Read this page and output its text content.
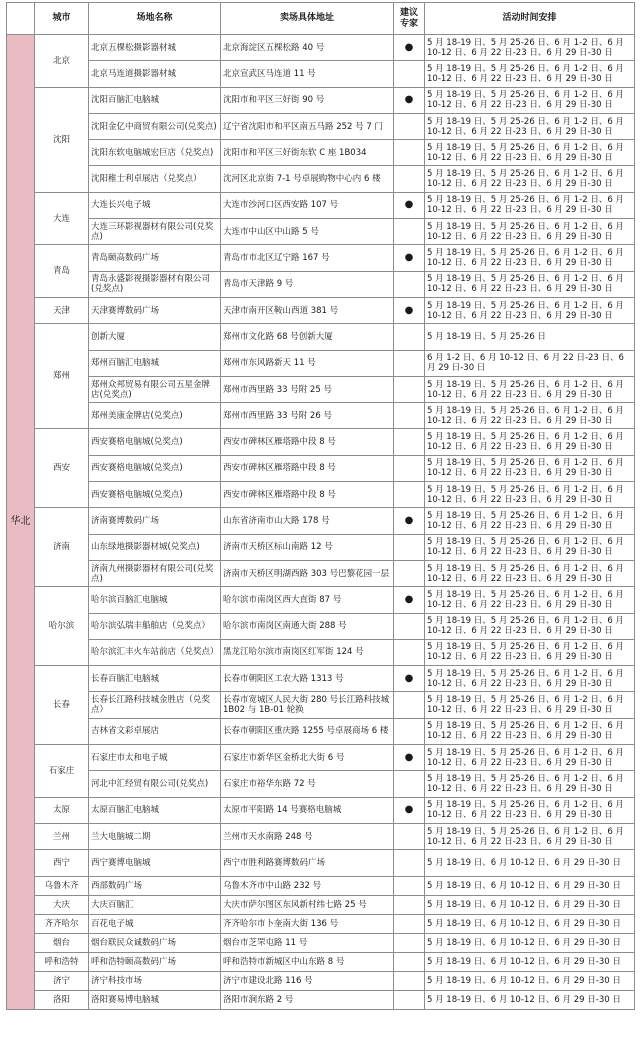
	城市	场地名称	卖场具体地址	建议专家	活动时间安排
华北	北京	北京五棵松摄影器材城	北京海淀区五棵松路 40 号	●	5 月 18-19 日、5 月 25-26 日、6 月 1-2 日、6 月 10-12 日、6 月 22 日-23 日、6 月 29 日-30 日
		北京马连道摄影器材城	北京宣武区马连道 11 号		5 月 18-19 日、5 月 25-26 日、6 月 1-2 日、6 月 10-12 日、6 月 22 日-23 日、6 月 29 日-30 日
	沈阳	沈阳百脑汇电脑城	沈阳市和平区三好街 90 号	●	5 月 18-19 日、5 月 25-26 日、6 月 1-2 日、6 月 10-12 日、6 月 22 日-23 日、6 月 29 日-30 日
		沈阳金亿中商贸有限公司(兑奖点)	辽宁省沈阳市和平区南五马路 252 号 7 门		5 月 18-19 日、5 月 25-26 日、6 月 1-2 日、6 月 10-12 日、6 月 22 日-23 日、6 月 29 日-30 日
		沈阳东软电脑城宏巨店（兑奖点)	沈阳市和平区三好街东软 C 座 1B034		5 月 18-19 日、5 月 25-26 日、6 月 1-2 日、6 月 10-12 日、6 月 22 日-23 日、6 月 29 日-30 日
		沈阳稚士利卓展店（兑奖点）	沈河区北京街 7-1 号卓展购物中心内 6 楼		5 月 18-19 日、5 月 25-26 日、6 月 1-2 日、6 月 10-12 日、6 月 22 日-23 日、6 月 29 日-30 日
	大连	大连长兴电子城	大连市沙河口区西安路 107 号	●	5 月 18-19 日、5 月 25-26 日、6 月 1-2 日、6 月 10-12 日、6 月 22 日-23 日、6 月 29 日-30 日
		大连三环影视器材有限公司(兑奖点)	大连市中山区中山路 5 号		5 月 18-19 日、5 月 25-26 日、6 月 1-2 日、6 月 10-12 日、6 月 22 日-23 日、6 月 29 日-30 日
	青岛	青岛颐高数码广场	青岛市市北区辽宁路 167 号	●	5 月 18-19 日、5 月 25-26 日、6 月 1-2 日、6 月 10-12 日、6 月 22 日-23 日、6 月 29 日-30 日
		青岛永盛影视摄影器材有限公司(兑奖点)	青岛市天津路 9 号		5 月 18-19 日、5 月 25-26 日、6 月 1-2 日、6 月 10-12 日、6 月 22 日-23 日、6 月 29 日-30 日
	天津	天津赛博数码广场	天津市南开区鞍山西道 381 号	●	5 月 18-19 日、5 月 25-26 日、6 月 1-2 日、6 月 10-12 日、6 月 22 日-23 日、6 月 29 日-30 日
	郑州	创新大厦	郑州市文化路 68 号创新大厦		5 月 18-19 日、5 月 25-26 日
		郑州百脑汇电脑城	郑州市东风路新天 11 号		6 月 1-2 日、6 月 10-12 日、6 月 22 日-23 日、6 月 29 日-30 日
		郑州众邦贸易有限公司五星金牌店(兑奖点)	郑州市西里路 33 号附 25 号		5 月 18-19 日、5 月 25-26 日、6 月 1-2 日、6 月 10-12 日、6 月 22 日-23 日、6 月 29 日-30 日
		郑州美康金牌店(兑奖点)	郑州市西里路 33 号附 26 号		5 月 18-19 日、5 月 25-26 日、6 月 1-2 日、6 月 10-12 日、6 月 22 日-23 日、6 月 29 日-30 日
	西安	西安赛格电脑城(兑奖点)	西安市碑林区雁塔路中段 8 号		5 月 18-19 日、5 月 25-26 日、6 月 1-2 日、6 月 10-12 日、6 月 22 日-23 日、6 月 29 日-30 日
		西安赛格电脑城(兑奖点)	西安市碑林区雁塔路中段 8 号		5 月 18-19 日、5 月 25-26 日、6 月 1-2 日、6 月 10-12 日、6 月 22 日-23 日、6 月 29 日-30 日
		西安赛格电脑城(兑奖点)	西安市碑林区雁塔路中段 8 号		5 月 18-19 日、5 月 25-26 日、6 月 1-2 日、6 月 10-12 日、6 月 22 日-23 日、6 月 29 日-30 日
	济南	济南赛博数码广场	山东省济南市山大路 178 号	●	5 月 18-19 日、5 月 25-26 日、6 月 1-2 日、6 月 10-12 日、6 月 22 日-23 日、6 月 29 日-30 日
		山东绿地摄影器材城(兑奖点)	济南市天桥区标山南路 12 号		5 月 18-19 日、5 月 25-26 日、6 月 1-2 日、6 月 10-12 日、6 月 22 日-23 日、6 月 29 日-30 日
		济南九州摄影器材有限公司(兑奖点)	济南市天桥区明湖西路 303 号巴黎花园一层		5 月 18-19 日、5 月 25-26 日、6 月 1-2 日、6 月 10-12 日、6 月 22 日-23 日、6 月 29 日-30 日
	哈尔滨	哈尔滨百脑汇电脑城	哈尔滨市南岗区西大直街 87 号	●	5 月 18-19 日、5 月 25-26 日、6 月 1-2 日、6 月 10-12 日、6 月 22 日-23 日、6 月 29 日-30 日
		哈尔滨弘瑞丰船舶店（兑奖点）	哈尔滨市南岗区南通大街 288 号		5 月 18-19 日、5 月 25-26 日、6 月 1-2 日、6 月 10-12 日、6 月 22 日-23 日、6 月 29 日-30 日
		哈尔滨汇丰火车站前店（兑奖点）	黑龙江哈尔滨市南岗区红军街 124 号		5 月 18-19 日、5 月 25-26 日、6 月 1-2 日、6 月 10-12 日、6 月 22 日-23 日、6 月 29 日-30 日
	长春	长春百脑汇电脑城	长春市朝阳区工农大路 1313 号	●	5 月 18-19 日、5 月 25-26 日、6 月 1-2 日、6 月 10-12 日、6 月 22 日-23 日、6 月 29 日-30 日
		长春长江路科技城金胜店（兑奖点）	长春市宽城区人民大街 280 号长江路科技城 1B02 与 1B-01 轮换		5 月 18-19 日、5 月 25-26 日、6 月 1-2 日、6 月 10-12 日、6 月 22 日-23 日、6 月 29 日-30 日
		吉林省文彩卓展店	长春市朝阳区重庆路 1255 号卓展商场 6 楼		5 月 18-19 日、5 月 25-26 日、6 月 1-2 日、6 月 10-12 日、6 月 22 日-23 日、6 月 29 日-30 日
	石家庄	石家庄市太和电子城	石家庄市新华区金桥北大街 6 号	●	5 月 18-19 日、5 月 25-26 日、6 月 1-2 日、6 月 10-12 日、6 月 22 日-23 日、6 月 29 日-30 日
		河北中汇经贸有限公司(兑奖点)	石家庄市裕华东路 72 号		5 月 18-19 日、5 月 25-26 日、6 月 1-2 日、6 月 10-12 日、6 月 22 日-23 日、6 月 29 日-30 日
	太原	太原百脑汇电脑城	太原市平阳路 14 号赛格电脑城	●	5 月 18-19 日、5 月 25-26 日、6 月 1-2 日、6 月 10-12 日、6 月 22 日-23 日、6 月 29 日-30 日
	兰州	兰大电脑城二期	兰州市天水南路 248 号		5 月 18-19 日、5 月 25-26 日、6 月 1-2 日、6 月 10-12 日、6 月 22 日-23 日、6 月 29 日-30 日
	西宁	西宁赛博电脑城	西宁市胜利路赛博数码广场		5 月 18-19 日、6 月 10-12 日、6 月 29 日-30 日
	乌鲁木齐	西部数码广场	乌鲁木齐市中山路 232 号		5 月 18-19 日、6 月 10-12 日、6 月 29 日-30 日
	大庆	大庆百脑汇	大庆市萨尔图区东风新村纬七路 25 号		5 月 18-19 日、6 月 10-12 日、6 月 29 日-30 日
	齐齐哈尔	百花电子城	齐齐哈尔市卜奎南大街 136 号		5 月 18-19 日、6 月 10-12 日、6 月 29 日-30 日
	烟台	烟台联民众诚数码广场	烟台市芝罘屯路 11 号		5 月 18-19 日、6 月 10-12 日、6 月 29 日-30 日
	呼和浩特	呼和浩特颐高数码广场	呼和浩特市新城区中山东路 8 号		5 月 18-19 日、6 月 10-12 日、6 月 29 日-30 日
	济宁	济宁科技市场	济宁市建设北路 116 号		5 月 18-19 日、6 月 10-12 日、6 月 29 日-30 日
	洛阳	洛阳赛易博电脑城	洛阳市涧东路 2 号		5 月 18-19 日、6 月 10-12 日、6 月 29 日-30 日
